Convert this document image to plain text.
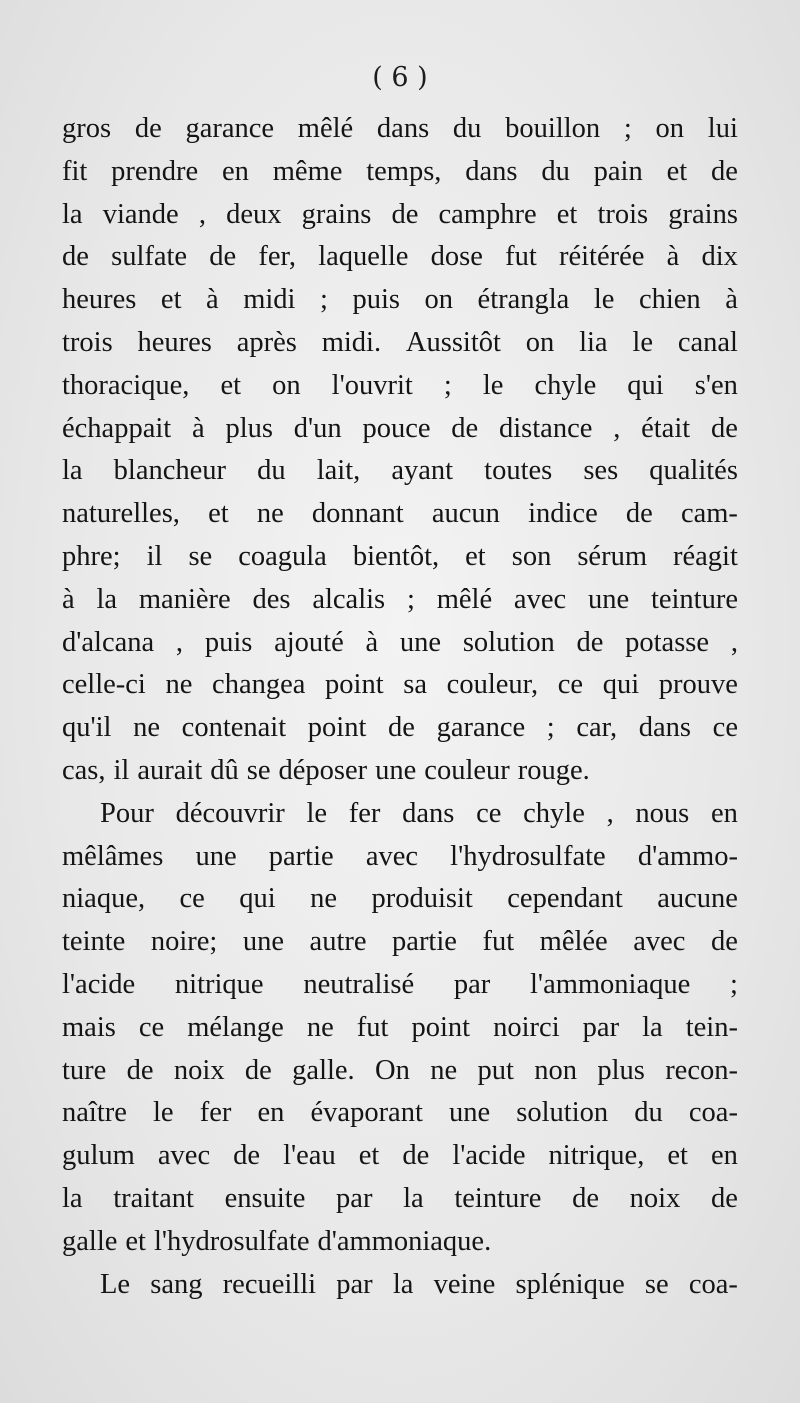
( 6 )
gros de garance mêlé dans du bouillon ; on lui
fit prendre en même temps, dans du pain et de
la viande , deux grains de camphre et trois grains
de sulfate de fer, laquelle dose fut réitérée à dix
heures et à midi ; puis on étrangla le chien à
trois heures après midi. Aussitôt on lia le canal
thoracique, et on l'ouvrit ; le chyle qui s'en
échappait à plus d'un pouce de distance , était de
la blancheur du lait, ayant toutes ses qualités
naturelles, et ne donnant aucun indice de cam-
phre; il se coagula bientôt, et son sérum réagit
à la manière des alcalis ; mêlé avec une teinture
d'alcana , puis ajouté à une solution de potasse ,
celle-ci ne changea point sa couleur, ce qui prouve
qu'il ne contenait point de garance ; car, dans ce
cas, il aurait dû se déposer une couleur rouge.
Pour découvrir le fer dans ce chyle , nous en
mêlâmes une partie avec l'hydrosulfate d'ammo-
niaque, ce qui ne produisit cependant aucune
teinte noire; une autre partie fut mêlée avec de
l'acide nitrique neutralisé par l'ammoniaque ;
mais ce mélange ne fut point noirci par la tein-
ture de noix de galle. On ne put non plus recon-
naître le fer en évaporant une solution du coa-
gulum avec de l'eau et de l'acide nitrique, et en
la traitant ensuite par la teinture de noix de
galle et l'hydrosulfate d'ammoniaque.
Le sang recueilli par la veine splénique se coa-
